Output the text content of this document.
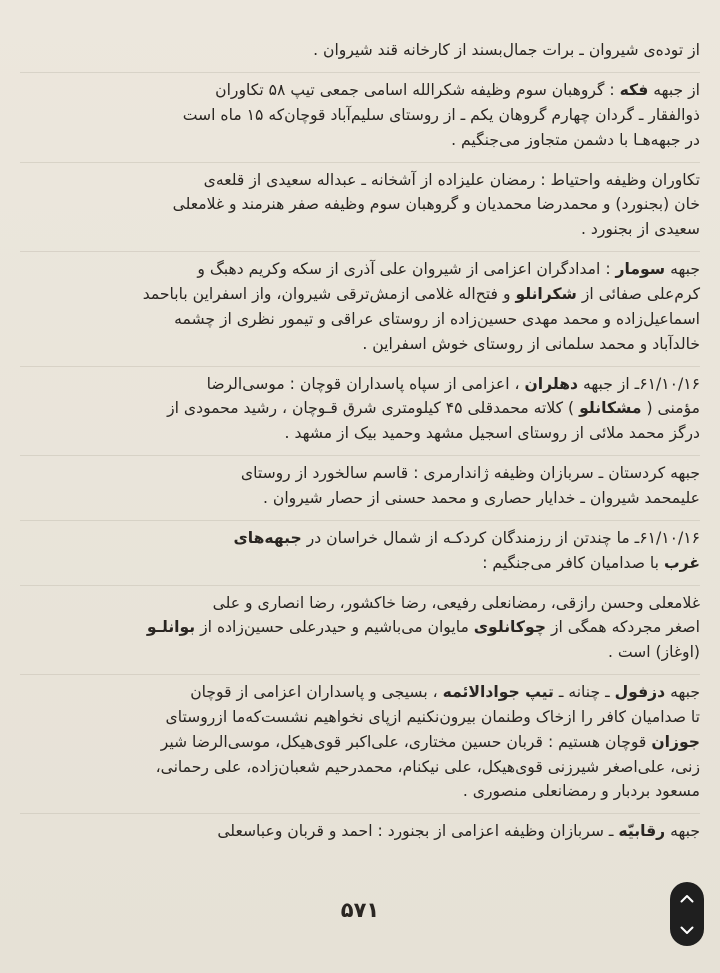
از توده‌ی شیروان ـ برات جمال‌بسند از کارخانه قند شیروان .
از جبهه فکه : گروهبان سوم وظیفه شکرالله اسامی جمعی تیپ ۵۸ تکاوران
ذوالفقار ـ گردان چهارم گروهان یکم ـ از روستای سلیم‌آباد قوچان‌که ۱۵ ماه است
در جبهه‌هـا با دشمن متجاوز می‌جنگیم .
تکاوران وظیفه واحتیاط : رمضان علیزاده از آشخانه ـ عبداله سعیدی از قلعه‌ی
خان (بجنورد) و محمدرضا محمدیان و گروهبان سوم وظیفه صفر هنرمند و غلامعلی
سعیدی از بجنورد .
جبهه سومار : امدادگران اعزامی از شیروان علی آذری از سکه وکریم دهبگ و
کرم‌علی صفائی از شکرانلو و فتح‌اله غلامی ازمش‌ترقی شیروان، واز اسفراین باباحمد
اسماعیل‌زاده و محمد مهدی حسین‌زاده از روستای عراقی و تیمور نظری از چشمه
خالدآباد و محمد سلمانی از روستای خوش اسفراین .
۶۱/۱۰/۱۶ـ از جبهه دهلران ، اعزامی از سپاه پاسداران قوچان : موسی‌الرضا
مؤمنی ( مشکانلو ) کلاته محمدقلی ۴۵ کیلومتری شرق قـوچان ، رشید محمودی از
درگز محمد ملائی از روستای اسجیل مشهد وحمید بیک از مشهد .
جبهه کردستان ـ سربازان وظیفه ژاندارمری : قاسم سالخورد از روستای
علیمحمد شیروان ـ خدایار حصاری و محمد حسنی از حصار شیروان .
۶۱/۱۰/۱۶ـ ما چندتن از رزمندگان کردکـه از شمال خراسان در جبهه‌های
غرب با صدامیان کافر می‌جنگیم :
غلامعلی وحسن رازقی، رمضانعلی رفیعی، رضا خاکشور، رضا انصاری و علی
اصغر مجردکه همگی از چوکانلوی مایوان می‌باشیم و حیدرعلی حسین‌زاده از بوانلـو
(اوغاز) است .
جبهه دزفول ـ چنانه ـ تیپ جوادالائمه ، بسیجی و پاسداران اعزامی از قوچان
تا صدامیان کافر را ازخاک وطنمان بیرون‌نکنیم ازپای نخواهیم نشست‌که‌ما ازروستای
جوزان قوچان هستیم : قربان حسین مختاری، علی‌اکبر قوی‌هیکل، موسی‌الرضا شیر
زنی، علی‌اصغر شیرزنی قوی‌هیکل، علی نیکنام، محمدرحیم شعبان‌زاده، علی رحمانی،
مسعود بردبار و رمضانعلی منصوری .
جبهه رقابیّه ـ سربازان وظیفه اعزامی از بجنورد : احمد و قربان وعباسعلی
۵۷۱
